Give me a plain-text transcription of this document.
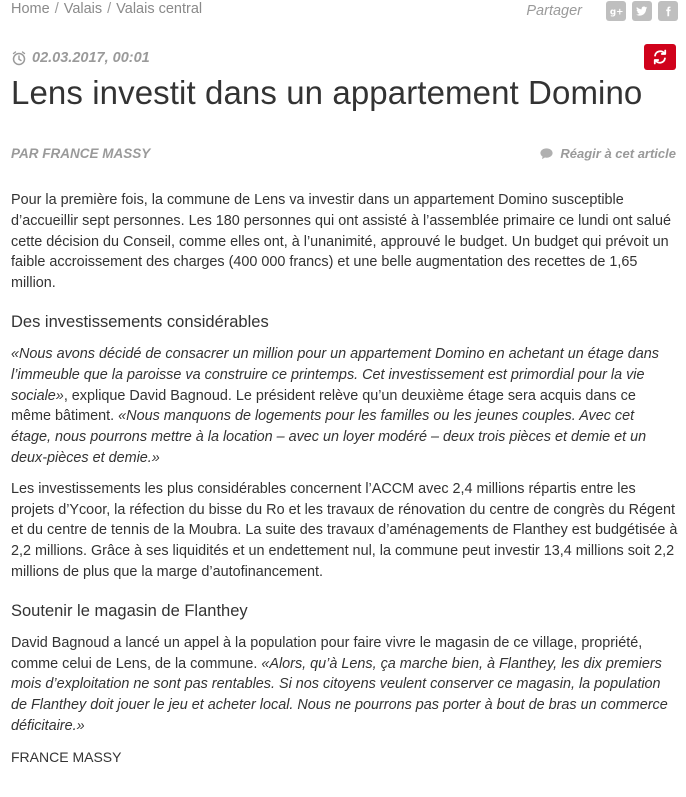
Home / Valais / Valais central	Partager	g+
02.03.2017, 00:01
Lens investit dans un appartement Domino
PAR FRANCE MASSY	Réagir à cet article

Pour la première fois, la commune de Lens va investir dans un appartement Domino susceptible d’accueillir sept personnes. Les 180 personnes qui ont assisté à l’assemblée primaire ce lundi ont salué cette décision du Conseil, comme elles ont, à l’unanimité, approuvé le budget. Un budget qui prévoit un faible accroissement des charges (400 000 francs) et une belle augmentation des recettes de 1,65 million.

Des investissements considérables

«Nous avons décidé de consacrer un million pour un appartement Domino en achetant un étage dans l’immeuble que la paroisse va construire ce printemps. Cet investissement est primordial pour la vie sociale», explique David Bagnoud. Le président relève qu’un deuxième étage sera acquis dans ce même bâtiment. «Nous manquons de logements pour les familles ou les jeunes couples. Avec cet étage, nous pourrons mettre à la location – avec un loyer modéré – deux trois pièces et demie et un deux-pièces et demie.»

Les investissements les plus considérables concernent l’ACCM avec 2,4 millions répartis entre les projets d’Ycoor, la réfection du bisse du Ro et les travaux de rénovation du centre de congrès du Régent et du centre de tennis de la Moubra. La suite des travaux d’aménagements de Flanthey est budgétisée à 2,2 millions. Grâce à ses liquidités et un endettement nul, la commune peut investir 13,4 millions soit 2,2 millions de plus que la marge d’autofinancement.

Soutenir le magasin de Flanthey

David Bagnoud a lancé un appel à la population pour faire vivre le magasin de ce village, propriété, comme celui de Lens, de la commune. «Alors, qu’à Lens, ça marche bien, à Flanthey, les dix premiers mois d’exploitation ne sont pas rentables. Si nos citoyens veulent conserver ce magasin, la population de Flanthey doit jouer le jeu et acheter local. Nous ne pourrons pas porter à bout de bras un commerce déficitaire.»

FRANCE MASSY
